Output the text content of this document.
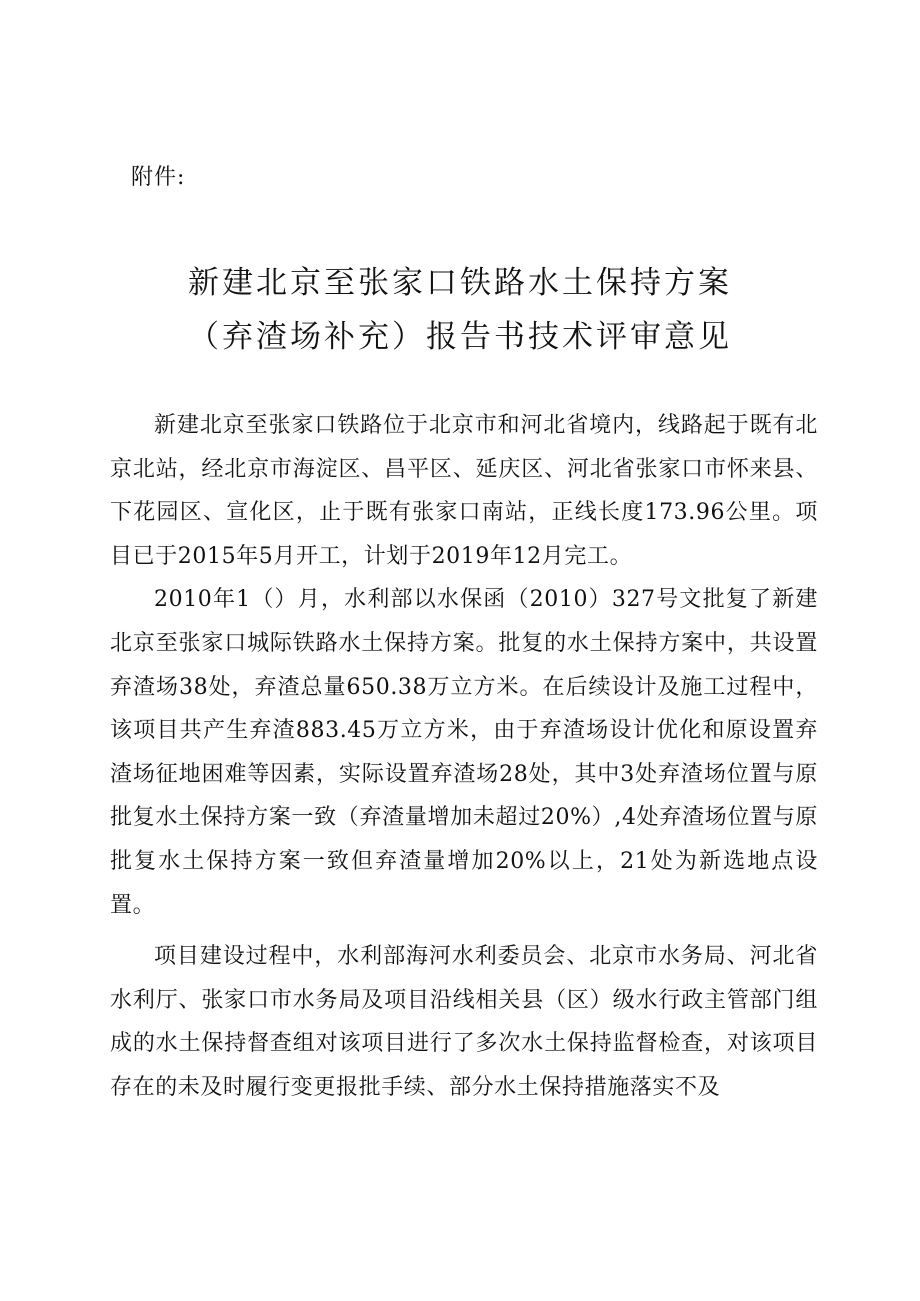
附件:
新建北京至张家口铁路水土保持方案
（弃渣场补充）报告书技术评审意见

新建北京至张家口铁路位于北京市和河北省境内，线路起于既有北京北站，经北京市海淀区、昌平区、延庆区、河北省张家口市怀来县、下花园区、宣化区，止于既有张家口南站，正线长度173.96公里。项目已于2015年5月开工，计划于2019年12月完工。

2010年1（）月，水利部以水保函（2010）327号文批复了新建北京至张家口城际铁路水土保持方案。批复的水土保持方案中，共设置弃渣场38处，弃渣总量650.38万立方米。在后续设计及施工过程中，该项目共产生弃渣883.45万立方米，由于弃渣场设计优化和原设置弃渣场征地困难等因素，实际设置弃渣场28处，其中3处弃渣场位置与原批复水土保持方案一致（弃渣量增加未超过20%）,4处弃渣场位置与原批复水土保持方案一致但弃渣量增加20%以上，21处为新选地点设置。

项目建设过程中，水利部海河水利委员会、北京市水务局、河北省水利厅、张家口市水务局及项目沿线相关县（区）级水行政主管部门组成的水土保持督查组对该项目进行了多次水土保持监督检查，对该项目存在的未及时履行变更报批手续、部分水土保持措施落实不及
